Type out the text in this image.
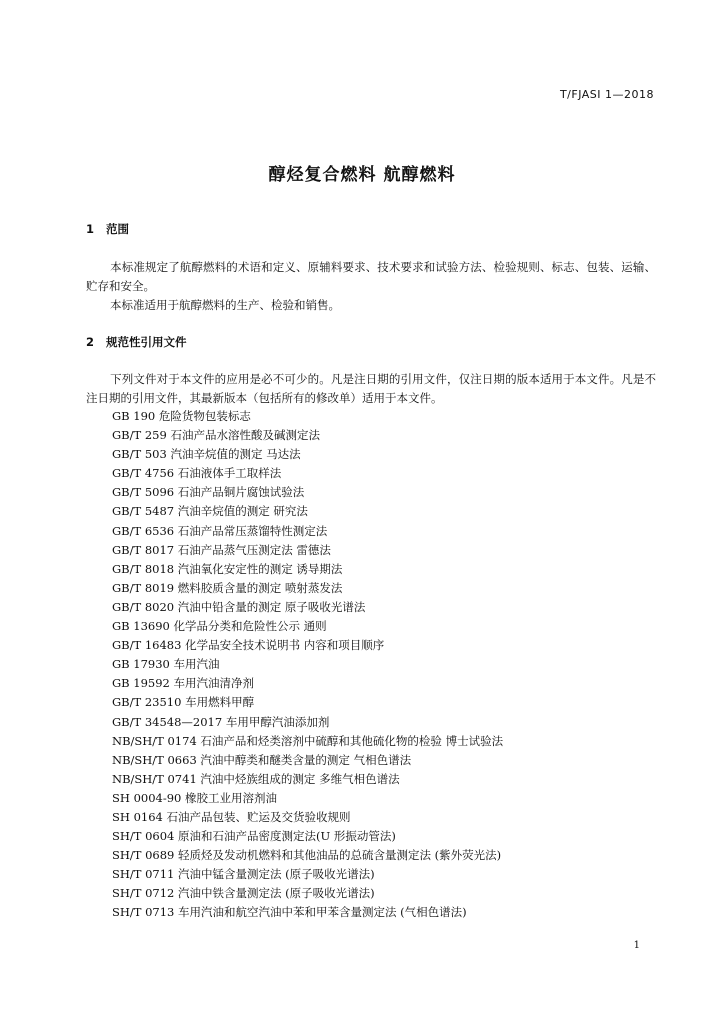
T/FJASI 1—2018
醇烃复合燃料 航醇燃料
1 范围
本标准规定了航醇燃料的术语和定义、原辅料要求、技术要求和试验方法、检验规则、标志、包装、运输、贮存和安全。
本标准适用于航醇燃料的生产、检验和销售。
2 规范性引用文件
下列文件对于本文件的应用是必不可少的。凡是注日期的引用文件，仅注日期的版本适用于本文件。凡是不注日期的引用文件，其最新版本（包括所有的修改单）适用于本文件。
GB 190 危险货物包装标志
GB/T 259 石油产品水溶性酸及碱测定法
GB/T 503 汽油辛烷值的测定 马达法
GB/T 4756 石油液体手工取样法
GB/T 5096 石油产品铜片腐蚀试验法
GB/T 5487 汽油辛烷值的测定 研究法
GB/T 6536 石油产品常压蒸馏特性测定法
GB/T 8017 石油产品蒸气压测定法 雷德法
GB/T 8018 汽油氧化安定性的测定 诱导期法
GB/T 8019 燃料胶质含量的测定 喷射蒸发法
GB/T 8020 汽油中铅含量的测定 原子吸收光谱法
GB 13690 化学品分类和危险性公示 通则
GB/T 16483 化学品安全技术说明书 内容和项目顺序
GB 17930 车用汽油
GB 19592 车用汽油清净剂
GB/T 23510 车用燃料甲醇
GB/T 34548—2017 车用甲醇汽油添加剂
NB/SH/T 0174 石油产品和烃类溶剂中硫醇和其他硫化物的检验 博士试验法
NB/SH/T 0663 汽油中醇类和醚类含量的测定 气相色谱法
NB/SH/T 0741 汽油中烃族组成的测定 多维气相色谱法
SH 0004-90 橡胶工业用溶剂油
SH 0164 石油产品包装、贮运及交货验收规则
SH/T 0604 原油和石油产品密度测定法(U 形振动管法)
SH/T 0689 轻质烃及发动机燃料和其他油品的总硫含量测定法 (紫外荧光法)
SH/T 0711 汽油中锰含量测定法 (原子吸收光谱法)
SH/T 0712 汽油中铁含量测定法 (原子吸收光谱法)
SH/T 0713 车用汽油和航空汽油中苯和甲苯含量测定法 (气相色谱法)
1
